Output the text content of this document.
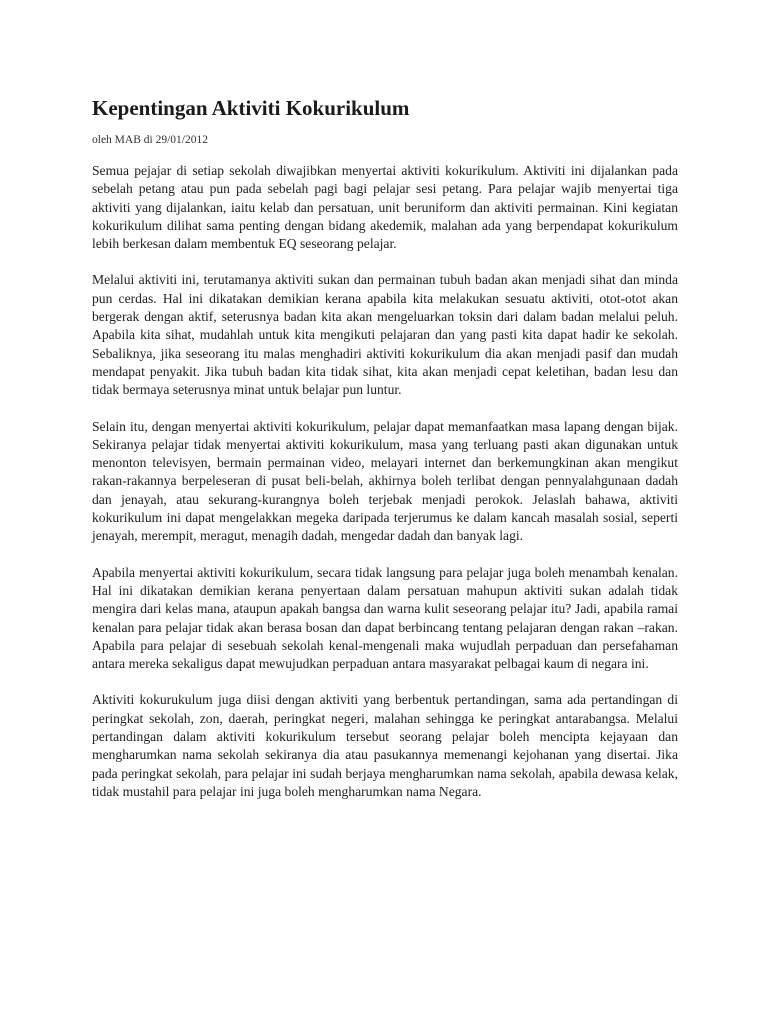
Kepentingan Aktiviti Kokurikulum

oleh MAB di 29/01/2012

Semua pejajar di setiap sekolah diwajibkan menyertai aktiviti kokurikulum. Aktiviti ini dijalankan pada sebelah petang atau pun pada sebelah pagi bagi pelajar sesi petang. Para pelajar wajib menyertai tiga aktiviti yang dijalankan, iaitu kelab dan persatuan, unit beruniform dan aktiviti permainan. Kini kegiatan kokurikulum dilihat sama penting dengan bidang akedemik, malahan ada yang berpendapat kokurikulum lebih berkesan dalam membentuk EQ seseorang pelajar.

Melalui aktiviti ini, terutamanya aktiviti sukan dan permainan tubuh badan akan menjadi sihat dan minda pun cerdas. Hal ini dikatakan demikian kerana apabila kita melakukan sesuatu aktiviti, otot-otot akan bergerak dengan aktif, seterusnya badan kita akan mengeluarkan toksin dari dalam badan melalui peluh. Apabila kita sihat, mudahlah untuk kita mengikuti pelajaran dan yang pasti kita dapat hadir ke sekolah. Sebaliknya, jika seseorang itu malas menghadiri aktiviti kokurikulum dia akan menjadi pasif dan mudah mendapat penyakit. Jika tubuh badan kita tidak sihat, kita akan menjadi cepat keletihan, badan lesu dan tidak bermaya seterusnya minat untuk belajar pun luntur.

Selain itu, dengan menyertai aktiviti kokurikulum, pelajar dapat memanfaatkan masa lapang dengan bijak. Sekiranya pelajar tidak menyertai aktiviti kokurikulum, masa yang terluang pasti akan digunakan untuk menonton televisyen, bermain permainan video, melayari internet dan berkemungkinan akan mengikut rakan-rakannya berpeleseran di pusat beli-belah, akhirnya boleh terlibat dengan pennyalahgunaan dadah dan jenayah, atau sekurang-kurangnya boleh terjebak menjadi perokok. Jelaslah bahawa, aktiviti kokurikulum ini dapat mengelakkan megeka daripada terjerumus ke dalam kancah masalah sosial, seperti jenayah, merempit, meragut, menagih dadah, mengedar dadah dan banyak lagi.

Apabila menyertai aktiviti kokurikulum, secara tidak langsung para pelajar juga boleh menambah kenalan. Hal ini dikatakan demikian kerana penyertaan dalam persatuan mahupun aktiviti sukan adalah tidak mengira dari kelas mana, ataupun apakah bangsa dan warna kulit seseorang pelajar itu? Jadi, apabila ramai kenalan para pelajar tidak akan berasa bosan dan dapat berbincang tentang pelajaran dengan rakan –rakan. Apabila para pelajar di sesebuah sekolah kenal-mengenali maka wujudlah perpaduan dan persefahaman antara mereka sekaligus dapat mewujudkan perpaduan antara masyarakat pelbagai kaum di negara ini.

Aktiviti kokurukulum juga diisi dengan aktiviti yang berbentuk pertandingan, sama ada pertandingan di peringkat sekolah, zon, daerah, peringkat negeri, malahan sehingga ke peringkat antarabangsa. Melalui pertandingan dalam aktiviti kokurikulum tersebut seorang pelajar boleh mencipta kejayaan dan mengharumkan nama sekolah sekiranya dia atau pasukannya memenangi kejohanan yang disertai. Jika pada peringkat sekolah, para pelajar ini sudah berjaya mengharumkan nama sekolah, apabila dewasa kelak, tidak mustahil para pelajar ini juga boleh mengharumkan nama Negara.
